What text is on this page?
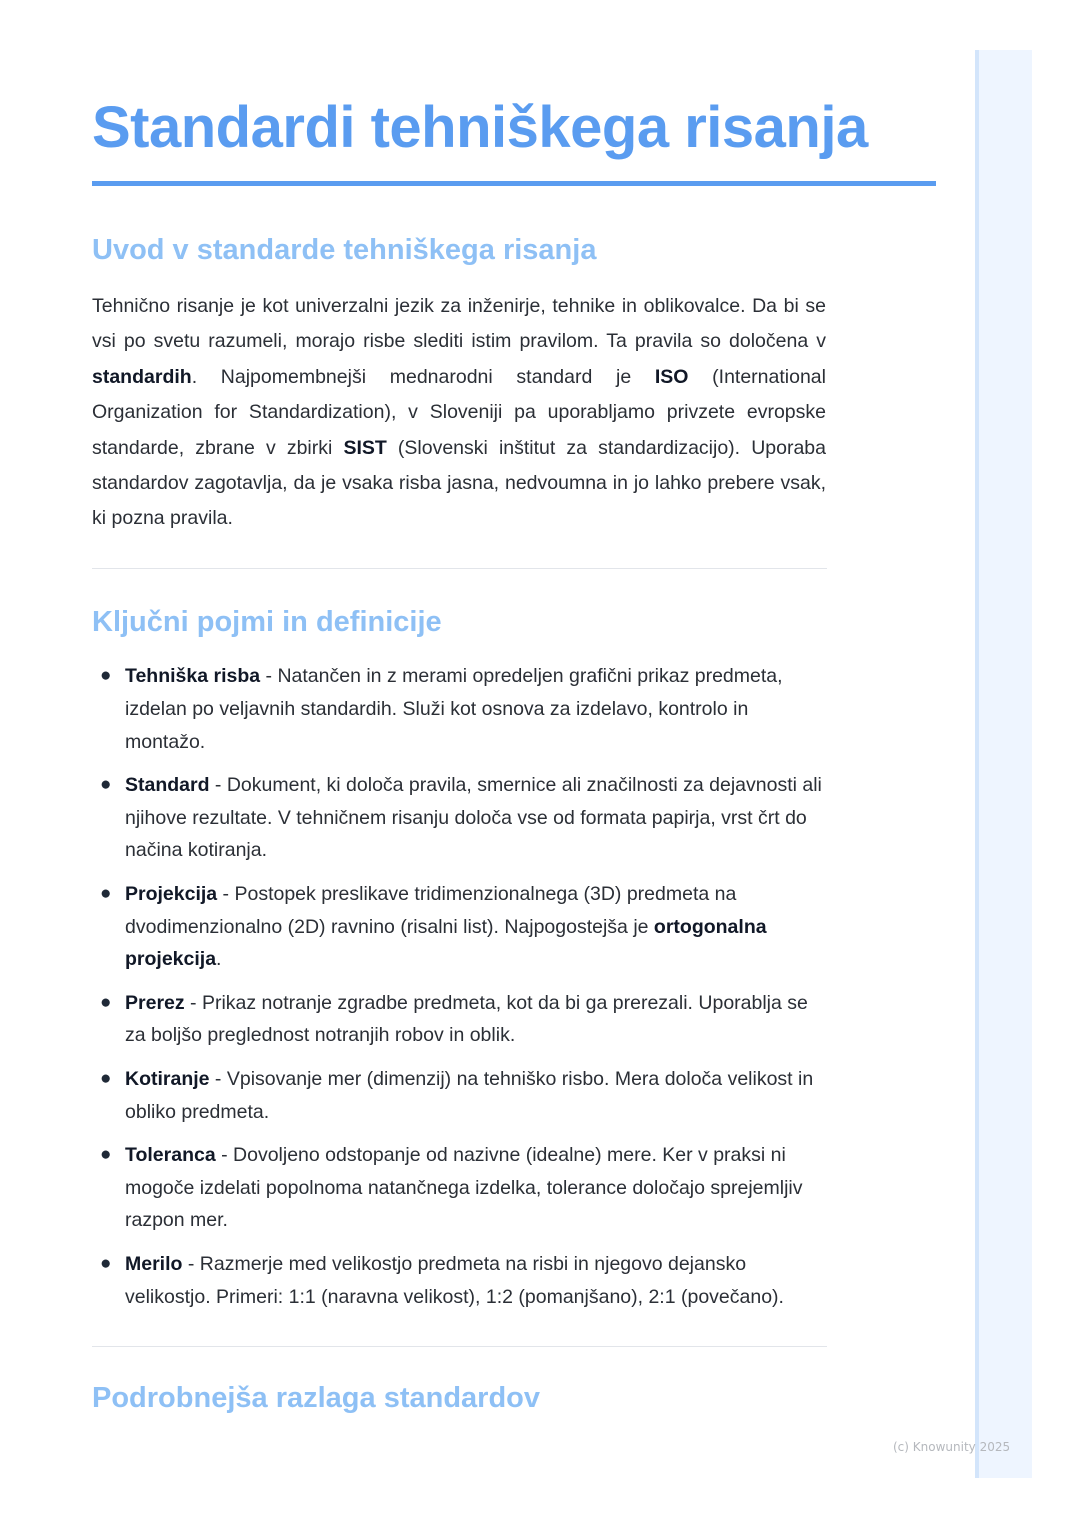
Standardi tehniškega risanja
Uvod v standarde tehniškega risanja

Tehnično risanje je kot univerzalni jezik za inženirje, tehnike in oblikovalce. Da bi se vsi po svetu razumeli, morajo risbe slediti istim pravilom. Ta pravila so določena v standardih. Najpomembnejši mednarodni standard je ISO (International Organization for Standardization), v Sloveniji pa uporabljamo privzete evropske standarde, zbrane v zbirki SIST (Slovenski inštitut za standardizacijo). Uporaba standardov zagotavlja, da je vsaka risba jasna, nedvoumna in jo lahko prebere vsak, ki pozna pravila.

Ključni pojmi in definicije
● Tehniška risba - Natančen in z merami opredeljen grafični prikaz predmeta, izdelan po veljavnih standardih. Služi kot osnova za izdelavo, kontrolo in montažo.
● Standard - Dokument, ki določa pravila, smernice ali značilnosti za dejavnosti ali njihove rezultate. V tehničnem risanju določa vse od formata papirja, vrst črt do načina kotiranja.
● Projekcija - Postopek preslikave tridimenzionalnega (3D) predmeta na dvodimenzionalno (2D) ravnino (risalni list). Najpogostejša je ortogonalna projekcija.
● Prerez - Prikaz notranje zgradbe predmeta, kot da bi ga prerezali. Uporablja se za boljšo preglednost notranjih robov in oblik.
● Kotiranje - Vpisovanje mer (dimenzij) na tehniško risbo. Mera določa velikost in obliko predmeta.
● Toleranca - Dovoljeno odstopanje od nazivne (idealne) mere. Ker v praksi ni mogoče izdelati popolnoma natančnega izdelka, tolerance določajo sprejemljiv razpon mer.
● Merilo - Razmerje med velikostjo predmeta na risbi in njegovo dejansko velikostjo. Primeri: 1:1 (naravna velikost), 1:2 (pomanjšano), 2:1 (povečano).
Podrobnejša razlaga standardov
(c) Knowunity 2025
